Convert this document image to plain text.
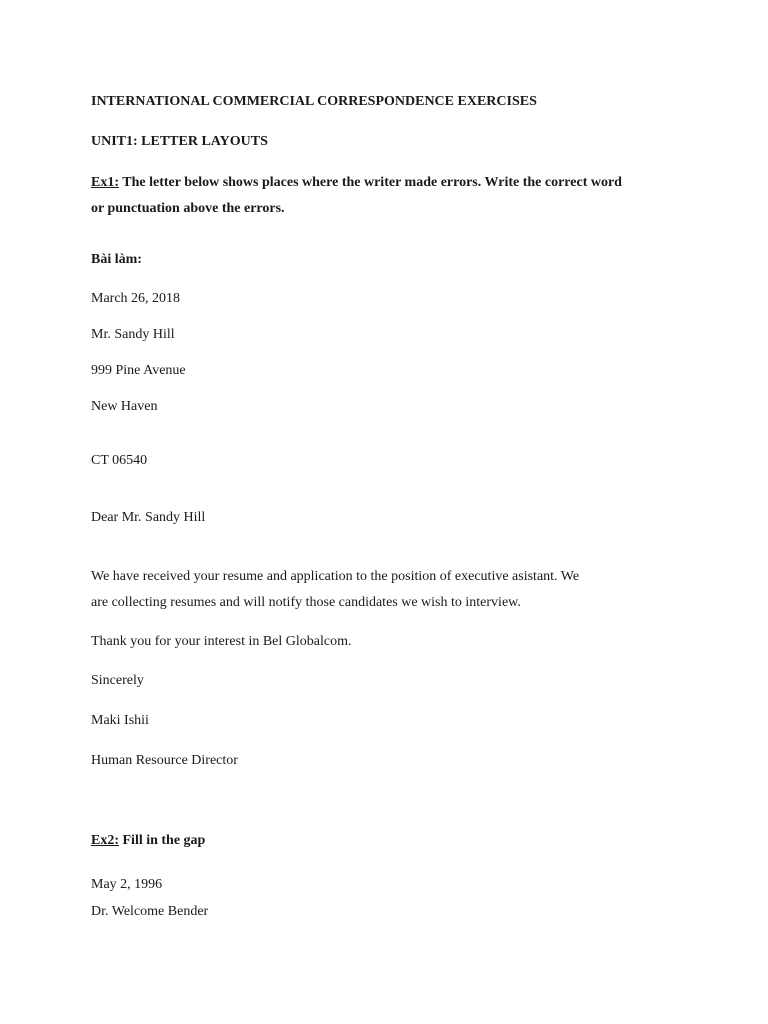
INTERNATIONAL COMMERCIAL CORRESPONDENCE EXERCISES
UNIT1: LETTER LAYOUTS
Ex1: The letter below shows places where the writer made errors. Write the correct word
or punctuation above the errors.
Bài làm:
March 26, 2018
Mr. Sandy Hill
999 Pine Avenue
New Haven
CT 06540
Dear Mr. Sandy Hill
We have received your resume and application to the position of executive asistant. We
are collecting resumes and will notify those candidates we wish to interview.
Thank you for your interest in Bel Globalcom.
Sincerely
Maki Ishii
Human Resource Director
Ex2: Fill in the gap
May 2, 1996
Dr. Welcome Bender
